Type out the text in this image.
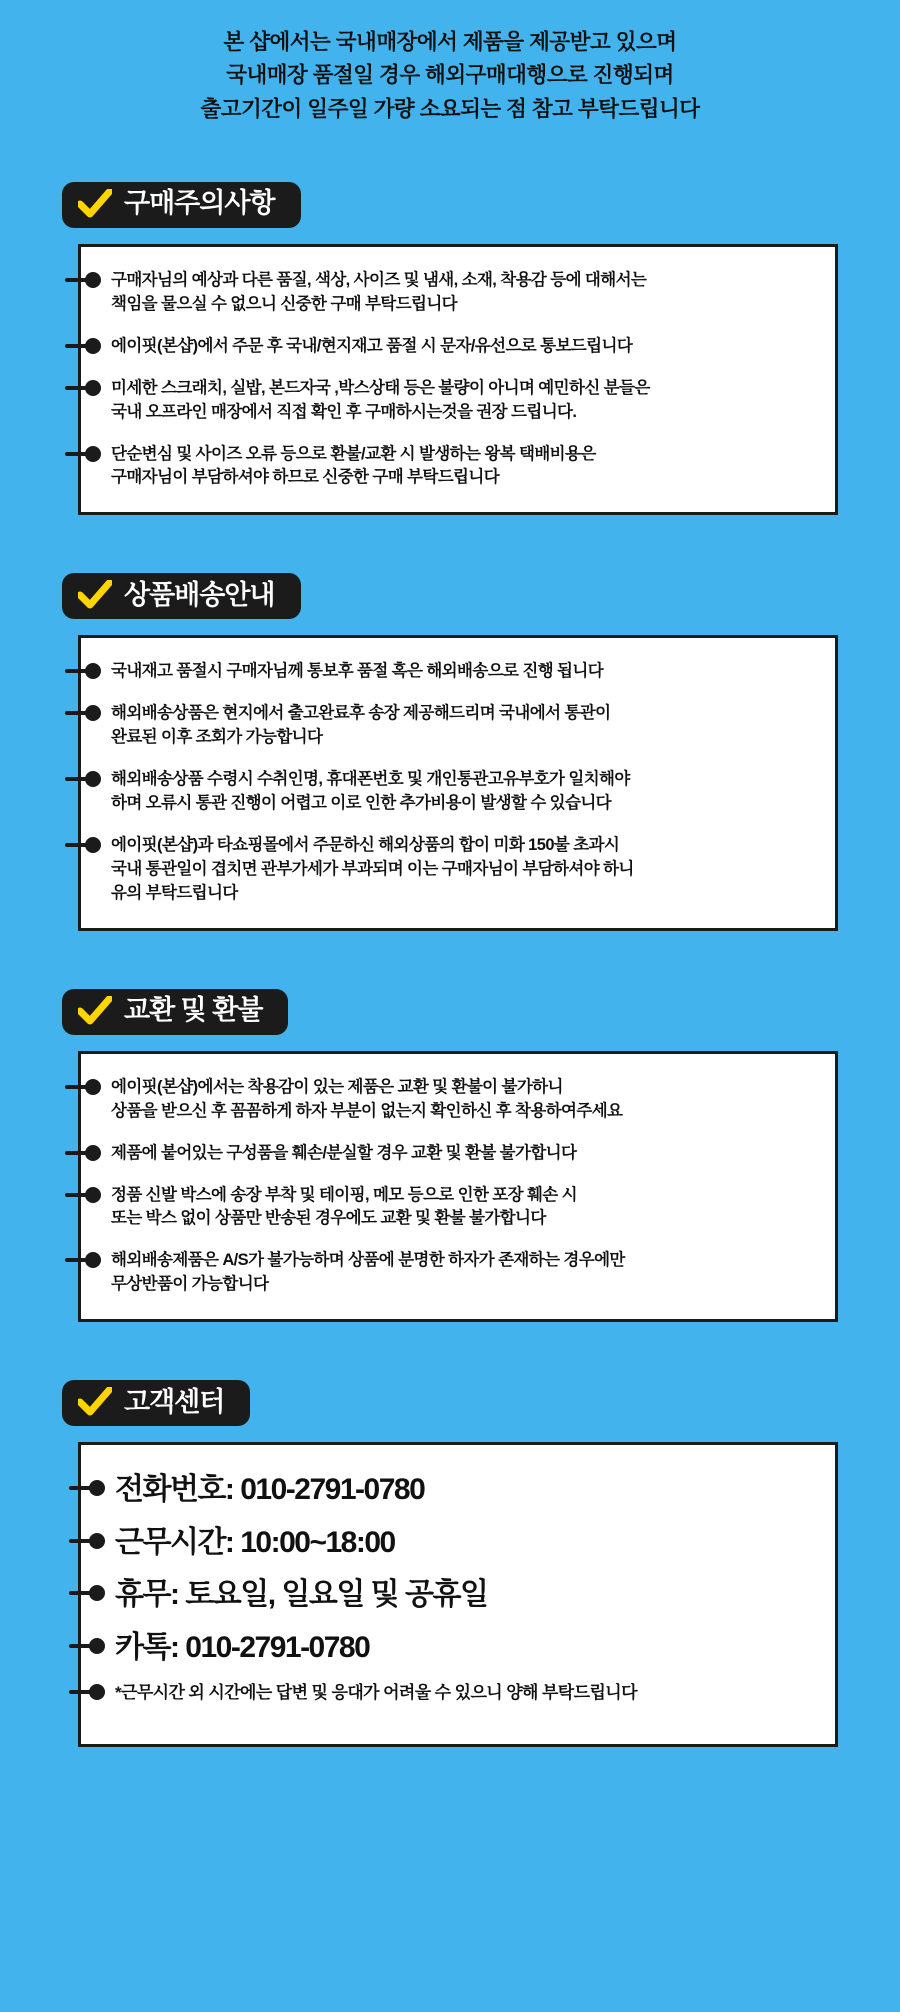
본 샵에서는 국내매장에서 제품을 제공받고 있으며
국내매장 품절일 경우 해외구매대행으로 진행되며
출고기간이 일주일 가량 소요되는 점 참고 부탁드립니다
구매주의사항
구매자님의 예상과 다른 품질, 색상, 사이즈 및 냄새, 소재, 착용감 등에 대해서는
책임을 물으실 수 없으니 신중한 구매 부탁드립니다
에이핏(본샵)에서 주문 후 국내/현지재고 품절 시 문자/유선으로 통보드립니다
미세한 스크래치, 실밥, 본드자국 ,박스상태 등은 불량이 아니며 예민하신 분들은
국내 오프라인 매장에서 직접 확인 후 구매하시는것을 권장 드립니다.
단순변심 및 사이즈 오류 등으로 환불/교환 시 발생하는 왕복 택배비용은
구매자님이 부담하셔야 하므로 신중한 구매 부탁드립니다
상품배송안내
국내재고 품절시 구매자님께 통보후 품절 혹은 해외배송으로 진행 됩니다
해외배송상품은 현지에서 출고완료후 송장 제공해드리며 국내에서 통관이
완료된 이후 조회가 가능합니다
해외배송상품 수령시 수취인명, 휴대폰번호 및 개인통관고유부호가 일치해야
하며 오류시 통관 진행이 어렵고 이로 인한 추가비용이 발생할 수 있습니다
에이핏(본샵)과 타쇼핑몰에서 주문하신 해외상품의 합이 미화 150불 초과시
국내 통관일이 겹치면 관부가세가 부과되며 이는 구매자님이 부담하셔야 하니
유의 부탁드립니다
교환 및 환불
에이핏(본샵)에서는 착용감이 있는 제품은 교환 및 환불이 불가하니
상품을 받으신 후 꼼꼼하게 하자 부분이 없는지 확인하신 후 착용하여주세요
제품에 붙어있는 구성품을 훼손/분실할 경우 교환 및 환불 불가합니다
정품 신발 박스에 송장 부착 및 테이핑, 메모 등으로 인한 포장 훼손 시
또는 박스 없이 상품만 반송된 경우에도 교환 및 환불 불가합니다
해외배송제품은 A/S가 불가능하며 상품에 분명한 하자가 존재하는 경우에만
무상반품이 가능합니다
고객센터
전화번호: 010-2791-0780
근무시간: 10:00~18:00
휴무: 토요일, 일요일 및 공휴일
카톡: 010-2791-0780
*근무시간 외 시간에는 답변 및 응대가 어려울 수 있으니 양해 부탁드립니다
